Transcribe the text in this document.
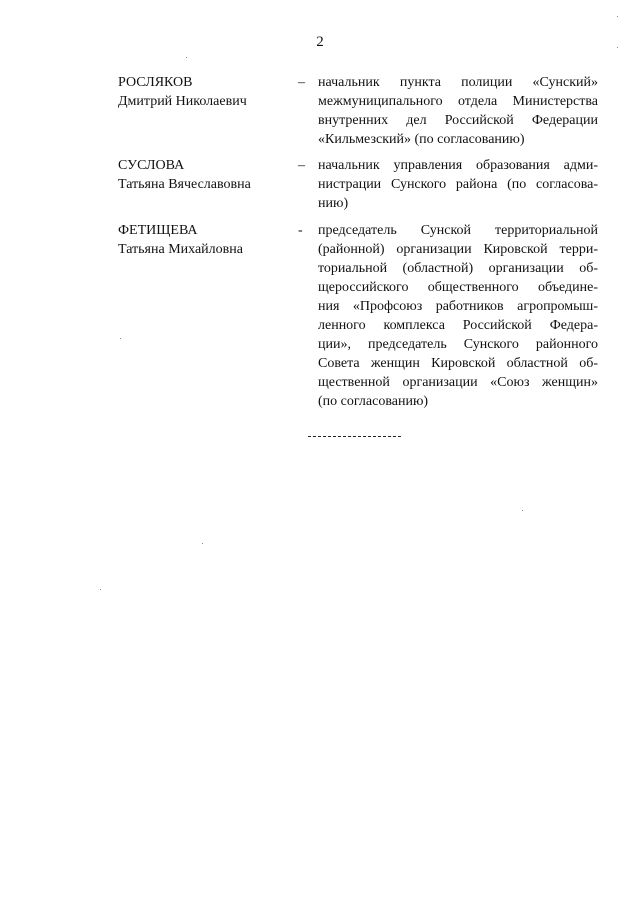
2
РОСЛЯКОВ
Дмитрий Николаевич
– начальник пункта полиции «Сунский»
межмуниципального отдела Министерства
внутренних дел Российской Федерации
«Кильмезский» (по согласованию)
СУСЛОВА
Татьяна Вячеславовна
– начальник управления образования адми-
нистрации Сунского района (по согласова-
нию)
ФЕТИЩЕВА
Татьяна Михайловна
- председатель Сунской территориальной
(районной) организации Кировской терри-
ториальной (областной) организации об-
щероссийского общественного объедине-
ния «Профсоюз работников агропромыш-
ленного комплекса Российской Федера-
ции», председатель Сунского районного
Совета женщин Кировской областной об-
щественной организации «Союз женщин»
(по согласованию)
